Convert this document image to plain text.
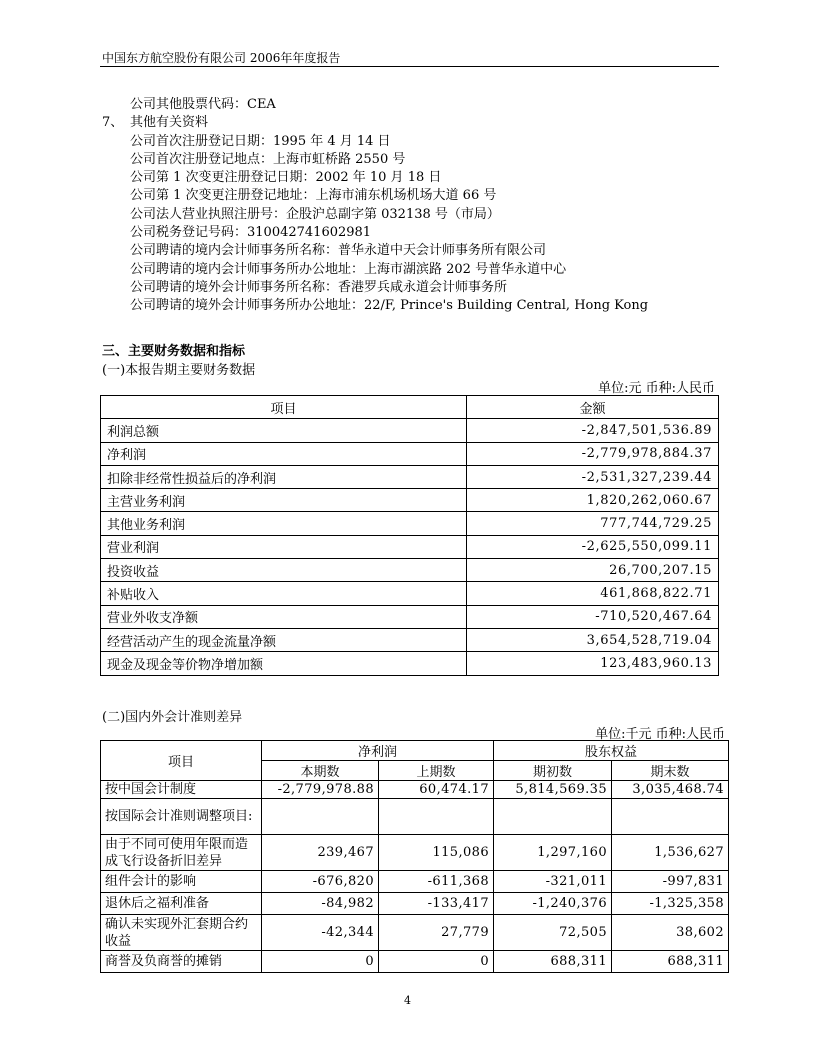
中国东方航空股份有限公司 2006年年度报告
公司其他股票代码：CEA
7、 其他有关资料
公司首次注册登记日期：1995 年 4 月 14 日
公司首次注册登记地点：上海市虹桥路 2550 号
公司第 1 次变更注册登记日期：2002 年 10 月 18 日
公司第 1 次变更注册登记地址：上海市浦东机场机场大道 66 号
公司法人营业执照注册号：企股沪总副字第 032138 号（市局）
公司税务登记号码：310042741602981
公司聘请的境内会计师事务所名称：普华永道中天会计师事务所有限公司
公司聘请的境内会计师事务所办公地址：上海市湖滨路 202 号普华永道中心
公司聘请的境外会计师事务所名称：香港罗兵咸永道会计师事务所
公司聘请的境外会计师事务所办公地址：22/F, Prince's Building Central, Hong Kong
三、主要财务数据和指标
(一)本报告期主要财务数据
单位:元 币种:人民币
项目	金额
利润总额	-2,847,501,536.89
净利润	-2,779,978,884.37
扣除非经常性损益后的净利润	-2,531,327,239.44
主营业务利润	1,820,262,060.67
其他业务利润	777,744,729.25
营业利润	-2,625,550,099.11
投资收益	26,700,207.15
补贴收入	461,868,822.71
营业外收支净额	-710,520,467.64
经营活动产生的现金流量净额	3,654,528,719.04
现金及现金等价物净增加额	123,483,960.13
(二)国内外会计准则差异
单位:千元 币种:人民币
项目	净利润		股东权益	
	本期数	上期数	期初数	期末数
按中国会计制度	-2,779,978.88	60,474.17	5,814,569.35	3,035,468.74
按国际会计准则调整项目:				
由于不同可使用年限而造成飞行设备折旧差异	239,467	115,086	1,297,160	1,536,627
组件会计的影响	-676,820	-611,368	-321,011	-997,831
退休后之福利准备	-84,982	-133,417	-1,240,376	-1,325,358
确认未实现外汇套期合约收益	-42,344	27,779	72,505	38,602
商誉及负商誉的摊销	0	0	688,311	688,311
4
